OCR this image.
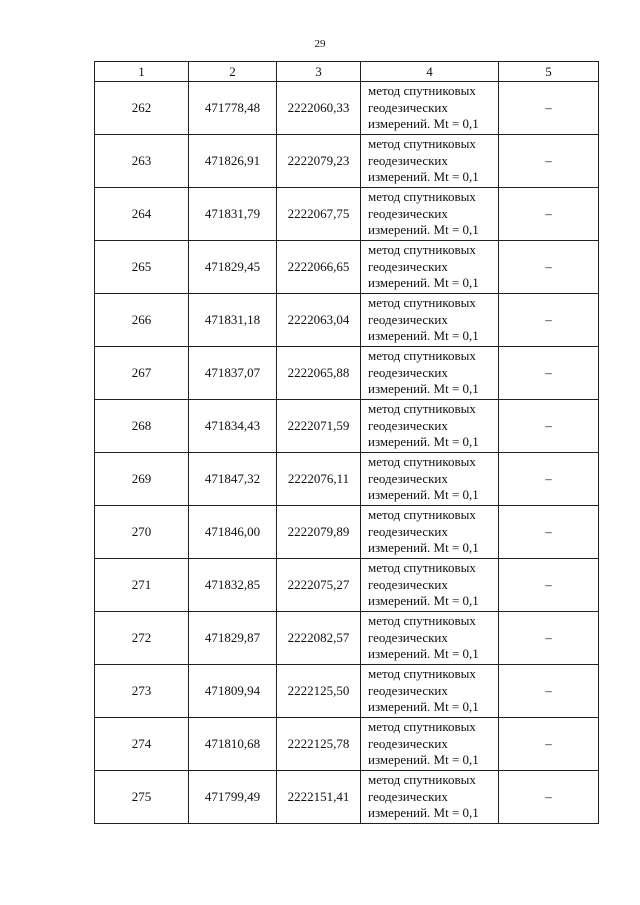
29
1	2	3	4	5
262	471778,48	2222060,33	метод спутниковых
геодезических
измерений. Mt = 0,1	–
263	471826,91	2222079,23	метод спутниковых
геодезических
измерений. Mt = 0,1	–
264	471831,79	2222067,75	метод спутниковых
геодезических
измерений. Mt = 0,1	–
265	471829,45	2222066,65	метод спутниковых
геодезических
измерений. Mt = 0,1	–
266	471831,18	2222063,04	метод спутниковых
геодезических
измерений. Mt = 0,1	–
267	471837,07	2222065,88	метод спутниковых
геодезических
измерений. Mt = 0,1	–
268	471834,43	2222071,59	метод спутниковых
геодезических
измерений. Mt = 0,1	–
269	471847,32	2222076,11	метод спутниковых
геодезических
измерений. Mt = 0,1	–
270	471846,00	2222079,89	метод спутниковых
геодезических
измерений. Mt = 0,1	–
271	471832,85	2222075,27	метод спутниковых
геодезических
измерений. Mt = 0,1	–
272	471829,87	2222082,57	метод спутниковых
геодезических
измерений. Mt = 0,1	–
273	471809,94	2222125,50	метод спутниковых
геодезических
измерений. Mt = 0,1	–
274	471810,68	2222125,78	метод спутниковых
геодезических
измерений. Mt = 0,1	–
275	471799,49	2222151,41	метод спутниковых
геодезических
измерений. Mt = 0,1	–
